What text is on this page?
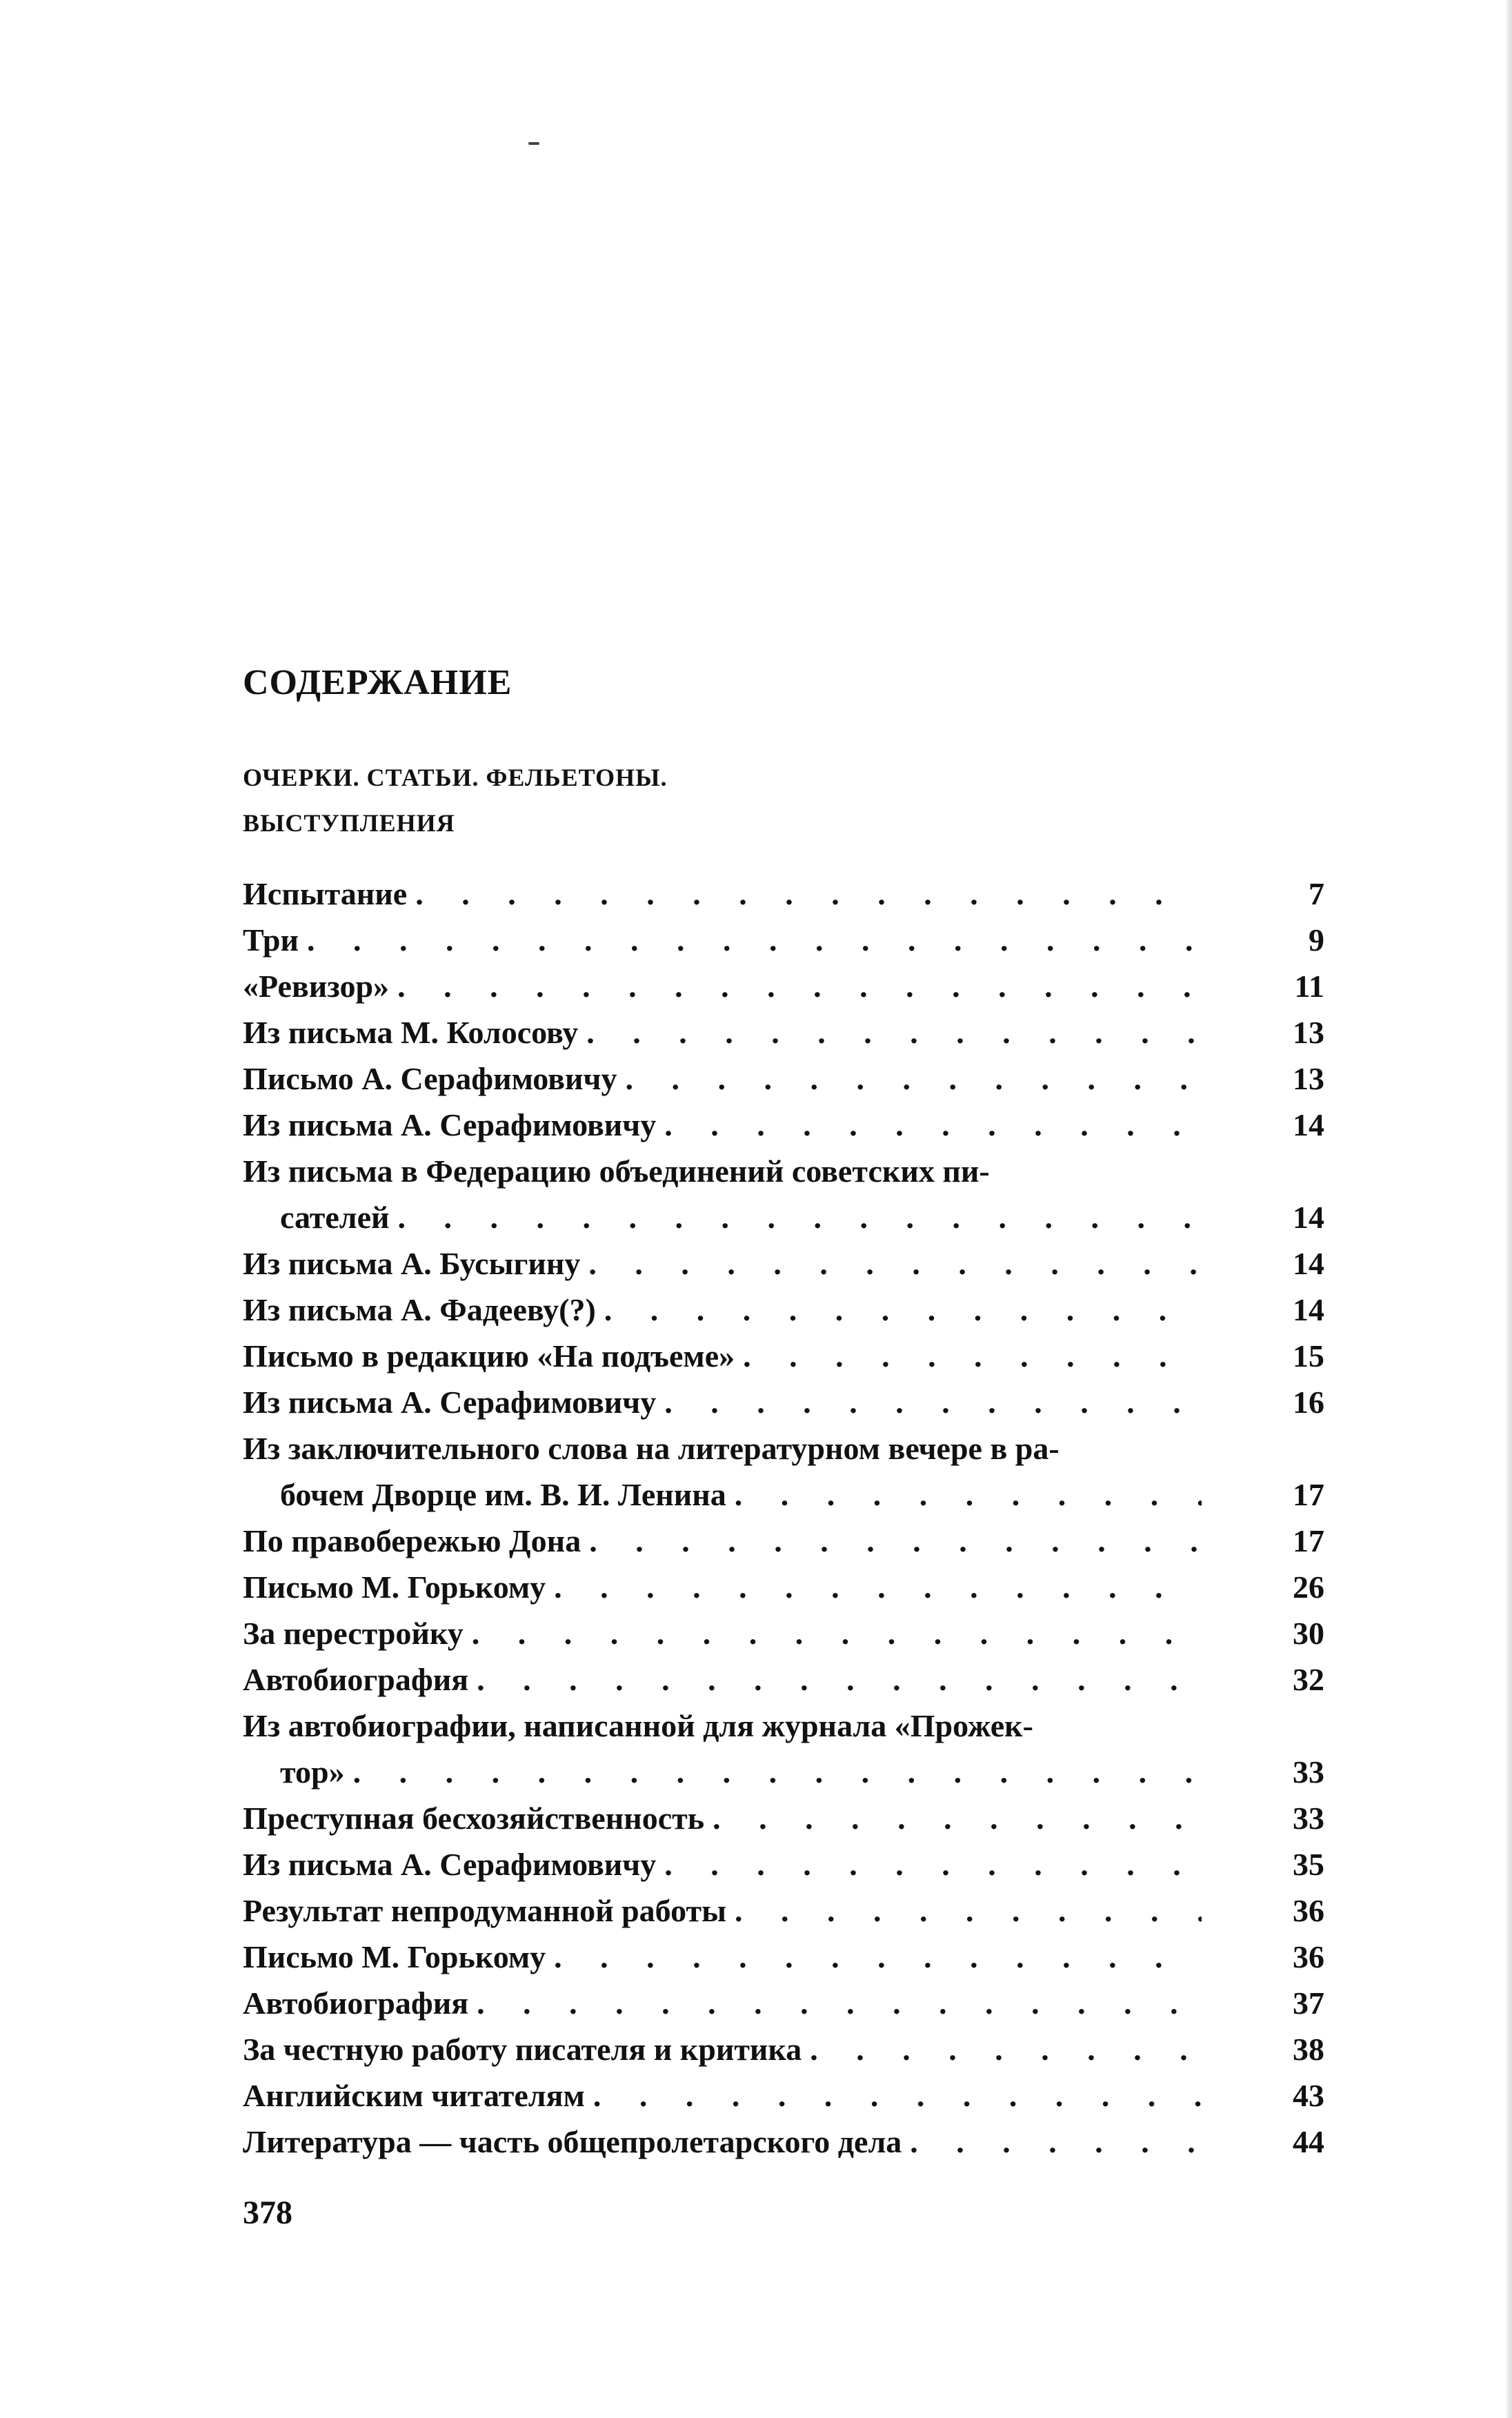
СОДЕРЖАНИЕ
ОЧЕРКИ. СТАТЬИ. ФЕЛЬЕТОНЫ.
ВЫСТУПЛЕНИЯ
Испытание . . .	7
Три . . .	9
«Ревизор» . . .	11
Из письма М. Колосову . . .	13
Письмо А. Серафимовичу . . .	13
Из письма А. Серафимовичу . . .	14
Из письма в Федерацию объединений советских пи-
сателей . . .	14
Из письма А. Бусыгину . . .	14
Из письма А. Фадееву(?) . . .	14
Письмо в редакцию «На подъеме» . . .	15
Из письма А. Серафимовичу . . .	16
Из заключительного слова на литературном вечере в ра-
бочем Дворце им. В. И. Ленина . . .	17
По правобережью Дона . . .	17
Письмо М. Горькому . . .	26
За перестройку . . .	30
Автобиография . . .	32
Из автобиографии, написанной для журнала «Прожек-
тор» . . .	33
Преступная бесхозяйственность . . .	33
Из письма А. Серафимовичу . . .	35
Результат непродуманной работы . . .	36
Письмо М. Горькому . . .	36
Автобиография . . .	37
За честную работу писателя и критика . . .	38
Английским читателям . . .	43
Литература — часть общепролетарского дела . . .	44
378
